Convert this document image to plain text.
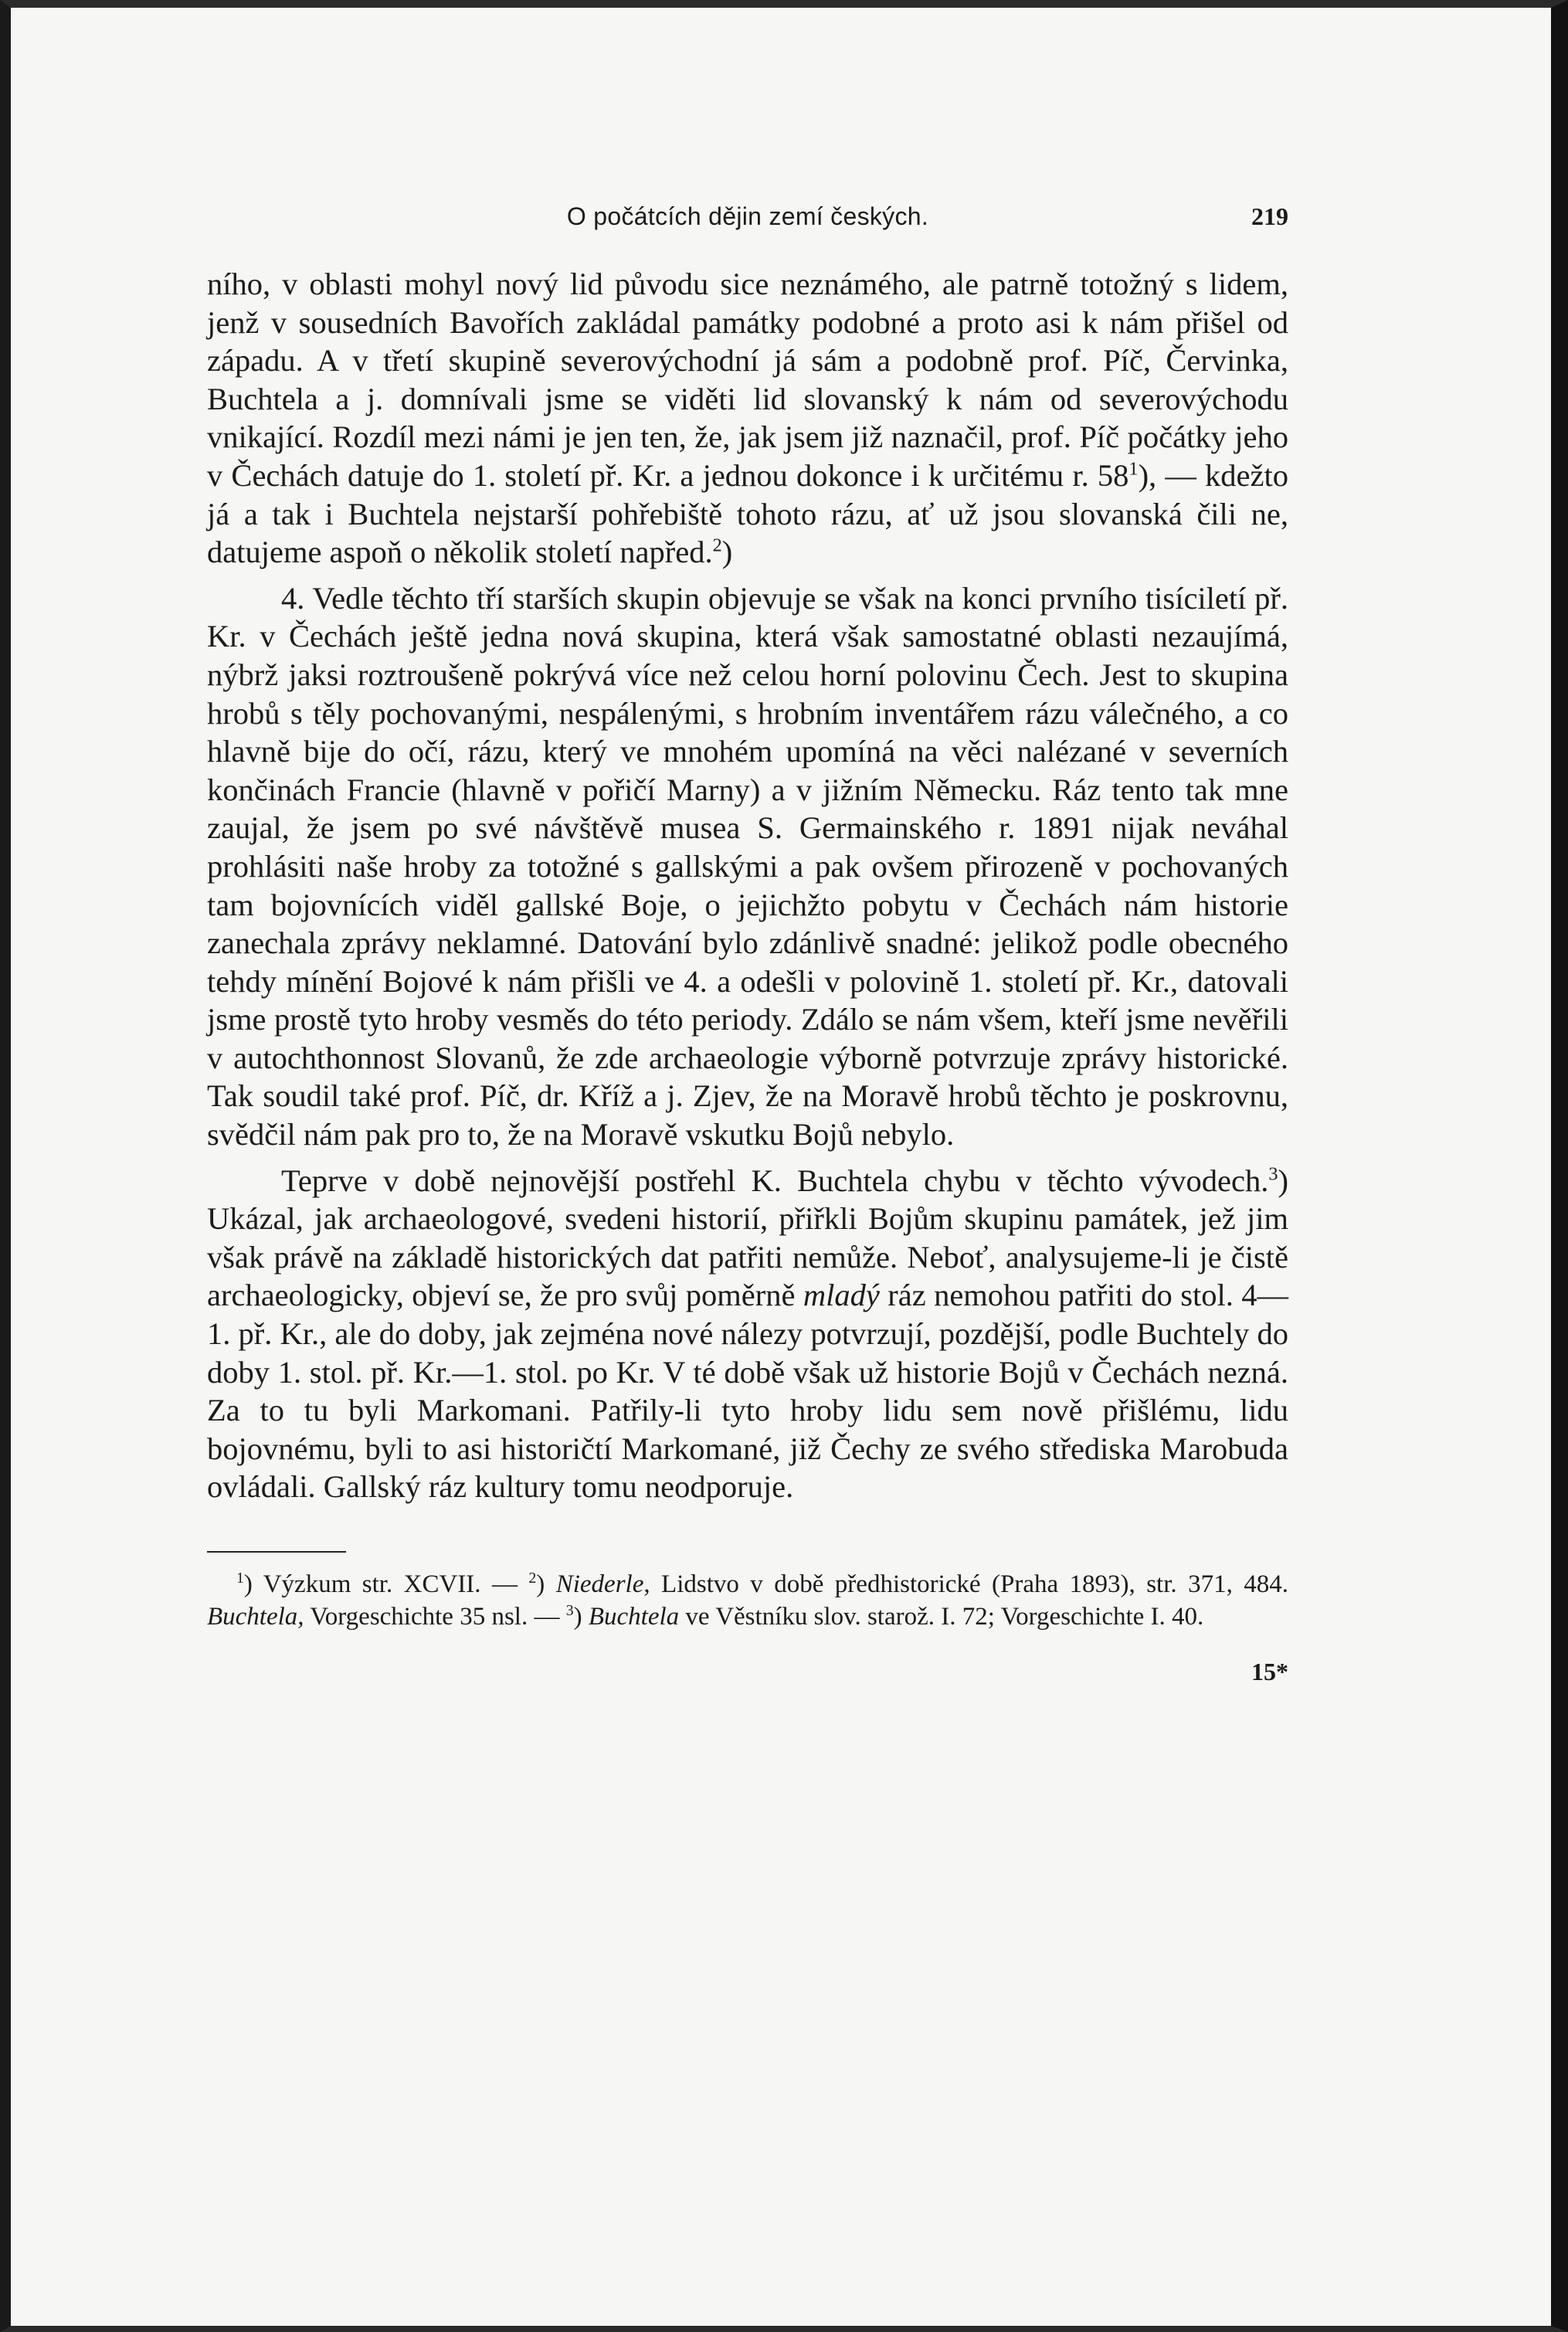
O počátcích dějin zemí českých.	219

ního, v oblasti mohyl nový lid původu sice neznámého, ale patrně totožný s lidem, jenž v sousedních Bavořích zakládal památky podobné a proto asi k nám přišel od západu. A v třetí skupině severovýchodní já sám a podobně prof. Píč, Červinka, Buchtela a j. domnívali jsme se viděti lid slovanský k nám od severovýchodu vnikající. Rozdíl mezi námi je jen ten, že, jak jsem již naznačil, prof. Píč počátky jeho v Čechách datuje do 1. století př. Kr. a jednou dokonce i k určitému r. $58^1$), — kdežto já a tak i Buchtela nejstarší pohřebiště tohoto rázu, ať už jsou slovanská čili ne, datujeme aspoň o několik století napřed.$^2$)

4. Vedle těchto tří starších skupin objevuje se však na konci prvního tisíciletí př. Kr. v Čechách ještě jedna nová skupina, která však samostatné oblasti nezaujímá, nýbrž jaksi roztroušeně pokrývá více než celou horní polovinu Čech. Jest to skupina hrobů s těly pochovanými, nespálenými, s hrobním inventářem rázu válečného, a co hlavně bije do očí, rázu, který ve mnohém upomíná na věci nalézané v severních končinách Francie (hlavně v pořičí Marny) a v jižním Německu. Ráz tento tak mne zaujal, že jsem po své návštěvě musea S. Germainského r. 1891 nijak neváhal prohlásiti naše hroby za totožné s gallskými a pak ovšem přirozeně v pochovaných tam bojovnících viděl gallské Boje, o jejichžto pobytu v Čechách nám historie zanechala zprávy neklamné. Datování bylo zdánlivě snadné: jelikož podle obecného tehdy mínění Bojové k nám přišli ve 4. a odešli v polovině 1. století př. Kr., datovali jsme prostě tyto hroby vesměs do této periody. Zdálo se nám všem, kteří jsme nevěřili v autochthonnost Slovanů, že zde archaeologie výborně potvrzuje zprávy historické. Tak soudil také prof. Píč, dr. Kříž a j. Zjev, že na Moravě hrobů těchto je poskrovnu, svědčil nám pak pro to, že na Moravě vskutku Bojů nebylo.

Teprve v době nejnovější postřehl K. Buchtela chybu v těchto vývodech.$^3$) Ukázal, jak archaeologové, svedeni historií, přiřkli Bojům skupinu památek, jež jim však právě na základě historických dat patřiti nemůže. Neboť, analysujeme-li je čistě archaeologicky, objeví se, že pro svůj poměrně mladý ráz nemohou patřiti do stol. 4—1. př. Kr., ale do doby, jak zejména nové nálezy potvrzují, pozdější, podle Buchtely do doby 1. stol. př. Kr.—1. stol. po Kr. V té době však už historie Bojů v Čechách nezná. Za to tu byli Markomani. Patřily-li tyto hroby lidu sem nově přišlému, lidu bojovnému, byli to asi historičtí Markomané, již Čechy ze svého střediska Marobuda ovládali. Gallský ráz kultury tomu neodporuje.

$^1$) Výzkum str. XCVII. — $^2$) Niederle, Lidstvo v době předhistorické (Praha 1893), str. 371, 484. Buchtela, Vorgeschichte 35 nsl. — $^3$) Buchtela ve Věstníku slov. starož. I. 72; Vorgeschichte I. 40.

15*
